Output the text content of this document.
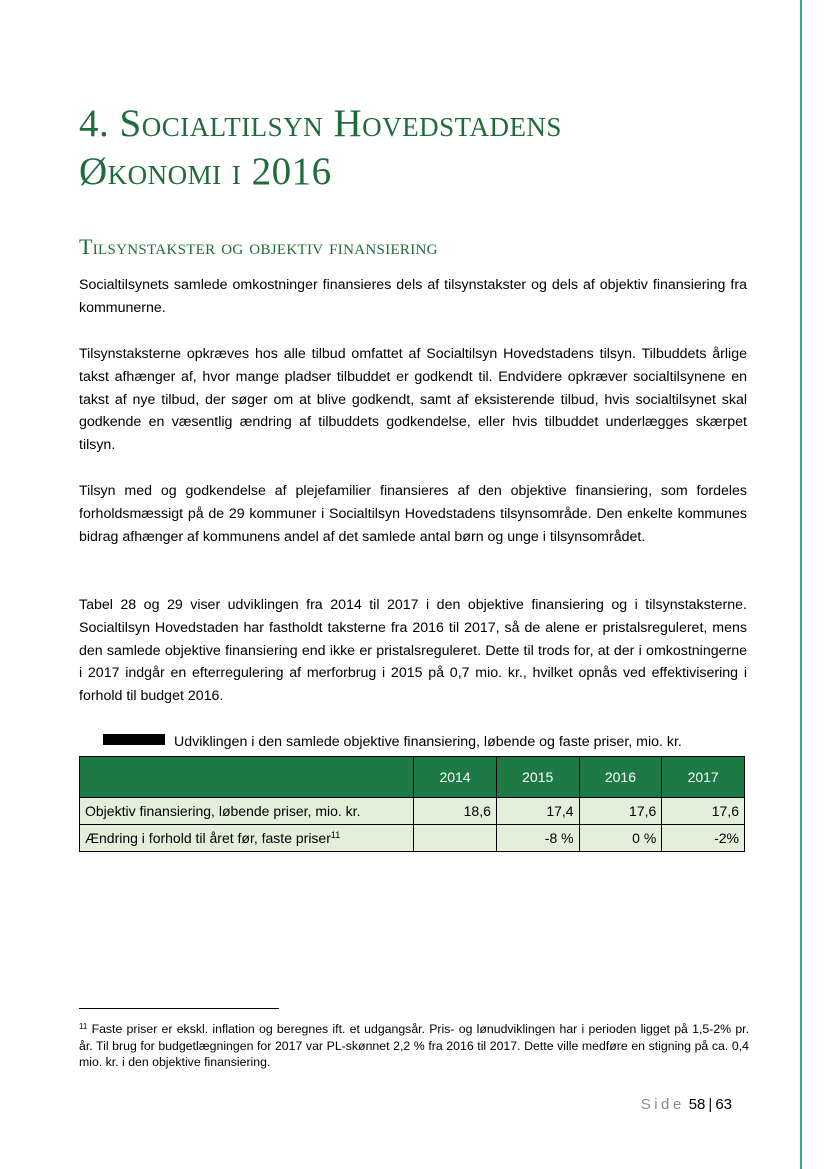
4. Socialtilsyn Hovedstadens
Økonomi i 2016
Tilsynstakster og objektiv finansiering

Socialtilsynets samlede omkostninger finansieres dels af tilsynstakster og dels af objektiv finansiering fra kommunerne.

Tilsynstaksterne opkræves hos alle tilbud omfattet af Socialtilsyn Hovedstadens tilsyn. Tilbuddets årlige takst afhænger af, hvor mange pladser tilbuddet er godkendt til. Endvidere opkræver socialtilsynene en takst af nye tilbud, der søger om at blive godkendt, samt af eksisterende tilbud, hvis socialtilsynet skal godkende en væsentlig ændring af tilbuddets godkendelse, eller hvis tilbuddet underlægges skærpet tilsyn.

Tilsyn med og godkendelse af plejefamilier finansieres af den objektive finansiering, som fordeles forholdsmæssigt på de 29 kommuner i Socialtilsyn Hovedstadens tilsynsområde. Den enkelte kommunes bidrag afhænger af kommunens andel af det samlede antal børn og unge i tilsynsområdet.

Tabel 28 og 29 viser udviklingen fra 2014 til 2017 i den objektive finansiering og i tilsynstaksterne. Socialtilsyn Hovedstaden har fastholdt taksterne fra 2016 til 2017, så de alene er pristalsreguleret, mens den samlede objektive finansiering end ikke er pristalsreguleret. Dette til trods for, at der i omkostningerne i 2017 indgår en efterregulering af merforbrug i 2015 på 0,7 mio. kr., hvilket opnås ved effektivisering i forhold til budget 2016.

Udviklingen i den samlede objektive finansiering, løbende og faste priser, mio. kr.
	2014	2015	2016	2017
Objektiv finansiering, løbende priser, mio. kr.	18,6	17,4	17,6	17,6
Ændring i forhold til året før, faste priser$^{11}$		-8 %	0 %	-2%

$^{11}$ Faste priser er ekskl. inflation og beregnes ift. et udgangsår. Pris- og lønudviklingen har i perioden ligget på 1,5-2% pr. år. Til brug for budgetlægningen for 2017 var PL-skønnet 2,2 % fra 2016 til 2017. Dette ville medføre en stigning på ca. 0,4 mio. kr. i den objektive finansiering.

Side 58 | 63
